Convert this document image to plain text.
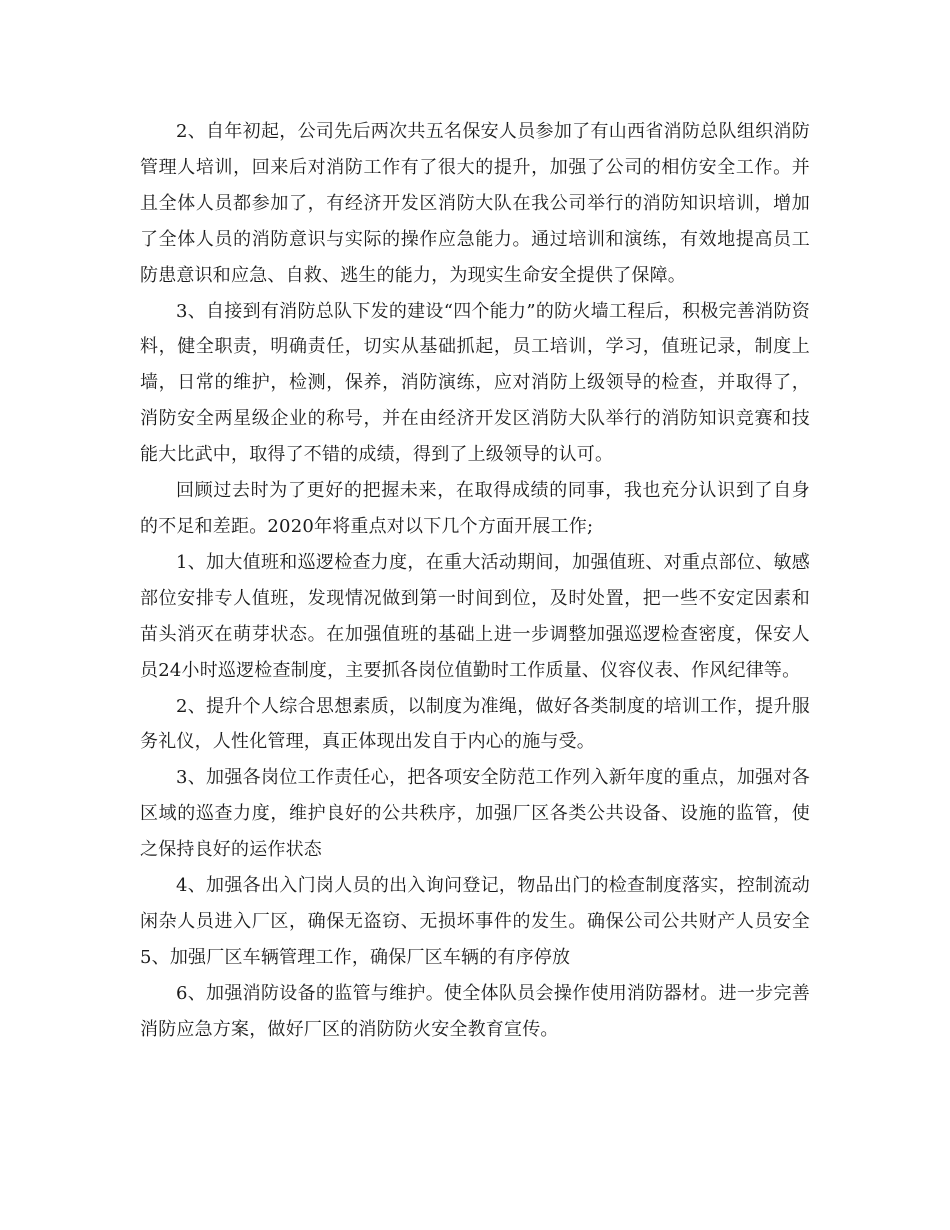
2、自年初起，公司先后两次共五名保安人员参加了有山西省消防总队组织消防管理人培训，回来后对消防工作有了很大的提升，加强了公司的相仿安全工作。并且全体人员都参加了，有经济开发区消防大队在我公司举行的消防知识培训，增加了全体人员的消防意识与实际的操作应急能力。通过培训和演练，有效地提高员工防患意识和应急、自救、逃生的能力，为现实生命安全提供了保障。

3、自接到有消防总队下发的建设“四个能力”的防火墙工程后，积极完善消防资料，健全职责，明确责任，切实从基础抓起，员工培训，学习，值班记录，制度上墙，日常的维护，检测，保养，消防演练，应对消防上级领导的检查，并取得了，消防安全两星级企业的称号，并在由经济开发区消防大队举行的消防知识竞赛和技能大比武中，取得了不错的成绩，得到了上级领导的认可。

回顾过去时为了更好的把握未来，在取得成绩的同事，我也充分认识到了自身的不足和差距。2020年将重点对以下几个方面开展工作;

1、加大值班和巡逻检查力度，在重大活动期间，加强值班、对重点部位、敏感部位安排专人值班，发现情况做到第一时间到位，及时处置，把一些不安定因素和苗头消灭在萌芽状态。在加强值班的基础上进一步调整加强巡逻检查密度，保安人员24小时巡逻检查制度，主要抓各岗位值勤时工作质量、仪容仪表、作风纪律等。

2、提升个人综合思想素质，以制度为准绳，做好各类制度的培训工作，提升服务礼仪，人性化管理，真正体现出发自于内心的施与受。

3、加强各岗位工作责任心，把各项安全防范工作列入新年度的重点，加强对各区域的巡查力度，维护良好的公共秩序，加强厂区各类公共设备、设施的监管，使之保持良好的运作状态

4、加强各出入门岗人员的出入询问登记，物品出门的检查制度落实，控制流动闲杂人员进入厂区，确保无盗窃、无损坏事件的发生。确保公司公共财产人员安全 5、加强厂区车辆管理工作，确保厂区车辆的有序停放

6、加强消防设备的监管与维护。使全体队员会操作使用消防器材。进一步完善消防应急方案，做好厂区的消防防火安全教育宣传。
